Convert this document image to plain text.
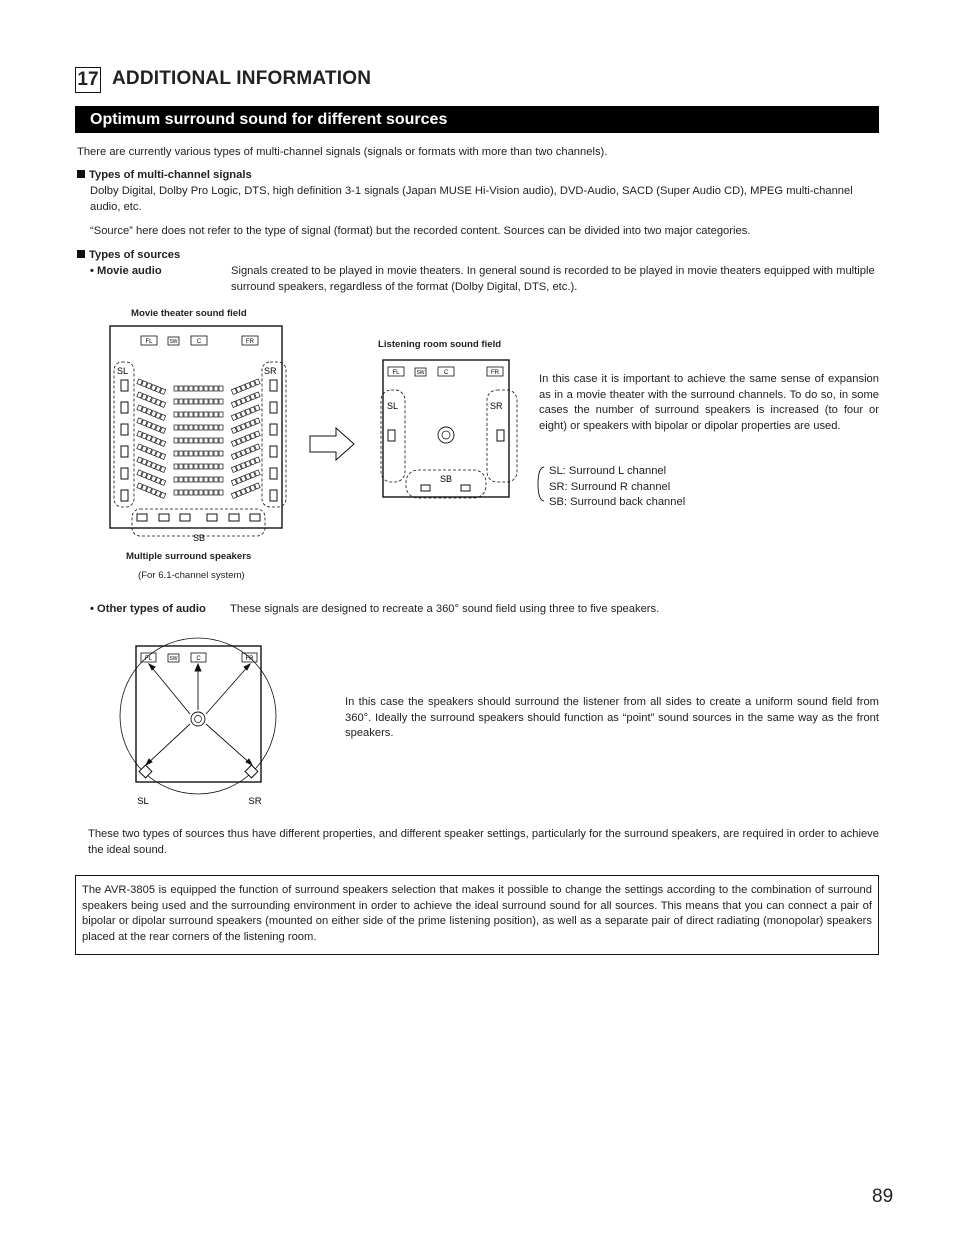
17 ADDITIONAL INFORMATION
Optimum surround sound for different sources
There are currently various types of multi-channel signals (signals or formats with more than two channels).
Types of multi-channel signals
Dolby Digital, Dolby Pro Logic, DTS, high definition 3-1 signals (Japan MUSE Hi-Vision audio), DVD-Audio, SACD (Super Audio CD), MPEG multi-channel audio, etc.
“Source” here does not refer to the type of signal (format) but the recorded content. Sources can be divided into two major categories.
Types of sources
• Movie audio	Signals created to be played in movie theaters. In general sound is recorded to be played in movie theaters equipped with multiple surround speakers, regardless of the format (Dolby Digital, DTS, etc.).
Movie theater sound field
FL	SW	C	FR
SL	SR
SB
Multiple surround speakers
(For 6.1-channel system)
Listening room sound field
FL	SW	C	FR
SL	SR
SB
In this case it is important to achieve the same sense of expansion as in a movie theater with the surround channels. To do so, in some cases the number of surround speakers is increased (to four or eight) or speakers with bipolar or dipolar properties are used.
SL: Surround L channel
SR: Surround R channel
SB: Surround back channel
• Other types of audio These signals are designed to recreate a 360° sound field using three to five speakers.
FL	SW	C	FR
SL	SR
In this case the speakers should surround the listener from all sides to create a uniform sound field from 360°. Ideally the surround speakers should function as “point” sound sources in the same way as the front speakers.
These two types of sources thus have different properties, and different speaker settings, particularly for the surround speakers, are required in order to achieve the ideal sound.
The AVR-3805 is equipped the function of surround speakers selection that makes it possible to change the settings according to the combination of surround speakers being used and the surrounding environment in order to achieve the ideal surround sound for all sources. This means that you can connect a pair of bipolar or dipolar surround speakers (mounted on either side of the prime listening position), as well as a separate pair of direct radiating (monopolar) speakers placed at the rear corners of the listening room.
89
